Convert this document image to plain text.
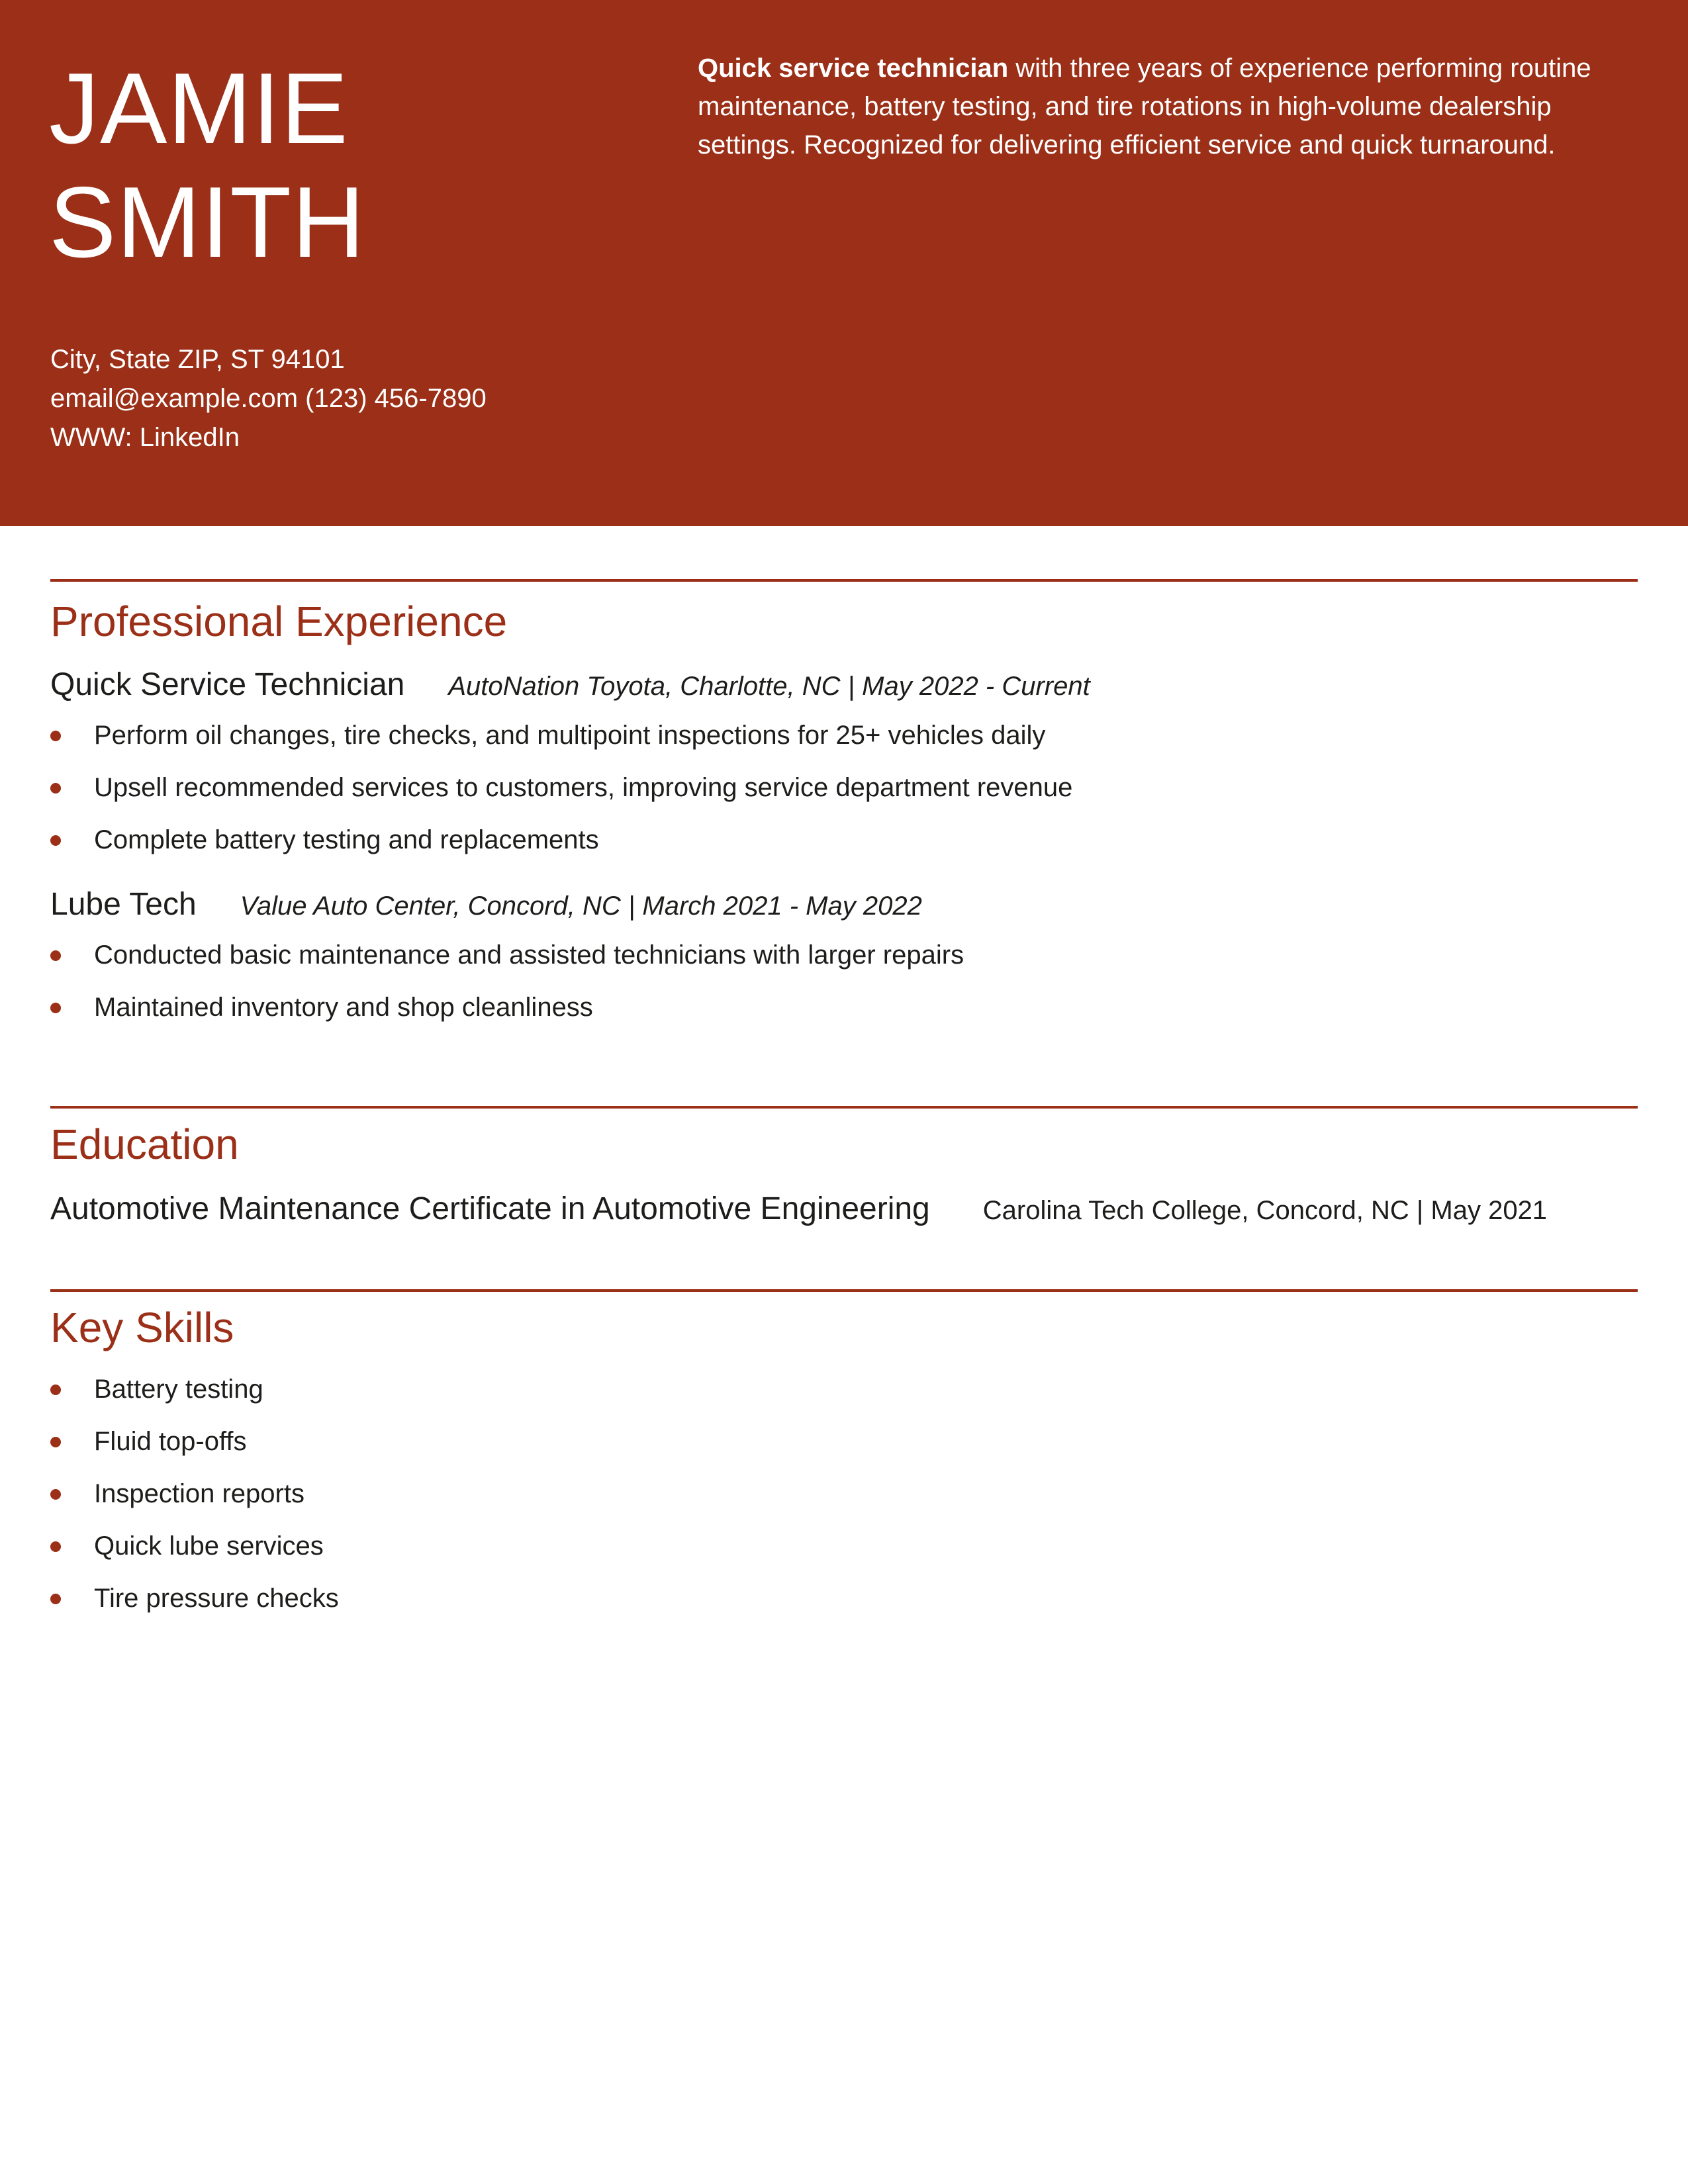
JAMIE
SMITH
City, State ZIP, ST 94101
email@example.com (123) 456-7890
WWW: LinkedIn

Quick service technician with three years of experience performing routine maintenance, battery testing, and tire rotations in high-volume dealership settings. Recognized for delivering efficient service and quick turnaround.

Professional Experience
Quick Service Technician AutoNation Toyota, Charlotte, NC | May 2022 - Current
Perform oil changes, tire checks, and multipoint inspections for 25+ vehicles daily
Upsell recommended services to customers, improving service department revenue
Complete battery testing and replacements
Lube Tech Value Auto Center, Concord, NC | March 2021 - May 2022
Conducted basic maintenance and assisted technicians with larger repairs
Maintained inventory and shop cleanliness
Education
Automotive Maintenance Certificate in Automotive Engineering Carolina Tech College, Concord, NC | May 2021
Key Skills
Battery testing
Fluid top-offs
Inspection reports
Quick lube services
Tire pressure checks
